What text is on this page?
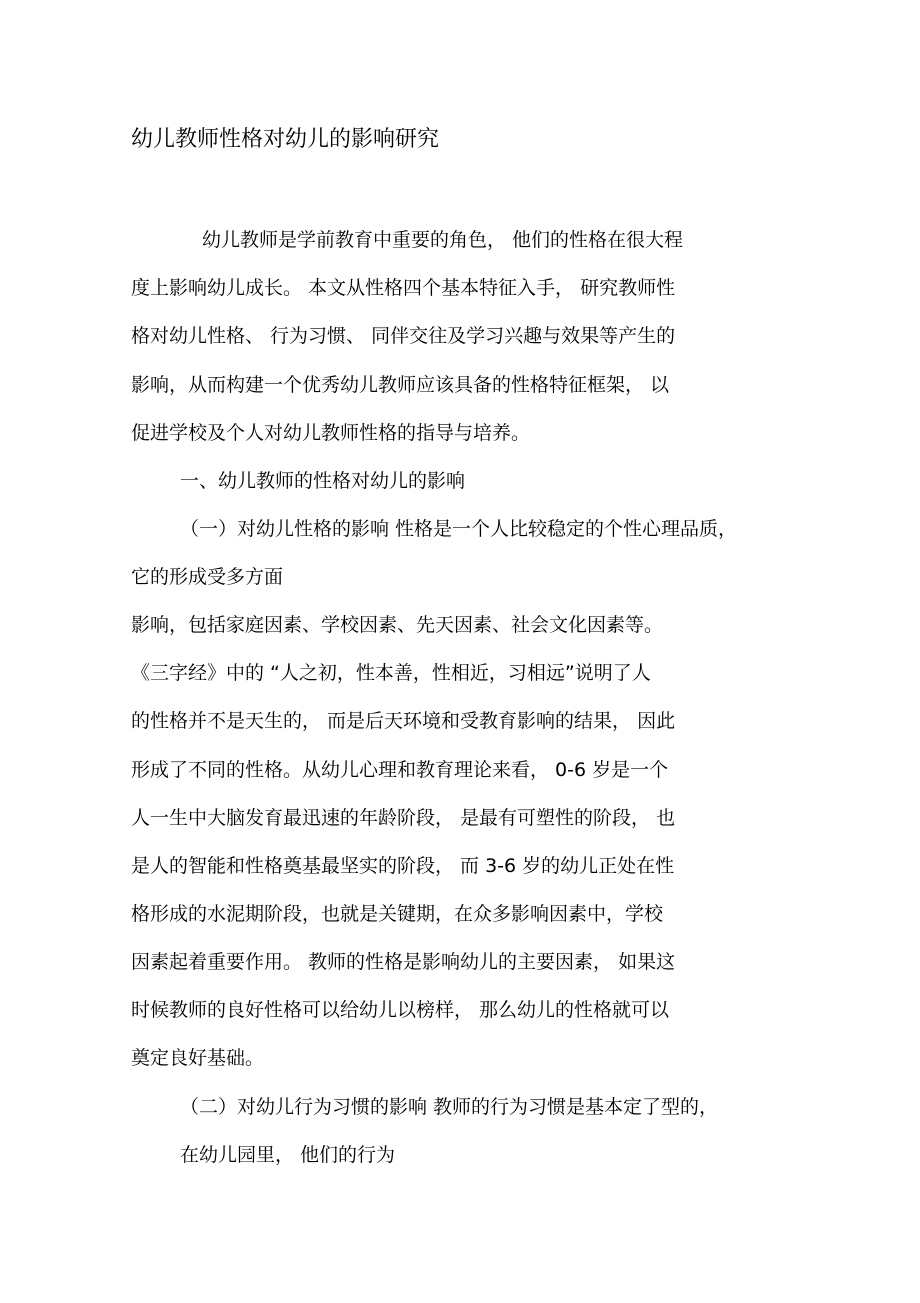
幼儿教师性格对幼儿的影响研究
幼儿教师是学前教育中重要的角色， 他们的性格在很大程
度上影响幼儿成长。 本文从性格四个基本特征入手， 研究教师性
格对幼儿性格、 行为习惯、 同伴交往及学习兴趣与效果等产生的
影响，从而构建一个优秀幼儿教师应该具备的性格特征框架， 以
促进学校及个人对幼儿教师性格的指导与培养。
一、幼儿教师的性格对幼儿的影响
（一）对幼儿性格的影响 性格是一个人比较稳定的个性心理品质，
它的形成受多方面
影响，包括家庭因素、学校因素、先天因素、社会文化因素等。
《三字经》中的 “人之初，性本善，性相近，习相远”说明了人
的性格并不是天生的， 而是后天环境和受教育影响的结果， 因此
形成了不同的性格。从幼儿心理和教育理论来看， 0-6 岁是一个
人一生中大脑发育最迅速的年龄阶段， 是最有可塑性的阶段， 也
是人的智能和性格奠基最坚实的阶段， 而 3-6 岁的幼儿正处在性
格形成的水泥期阶段，也就是关键期，在众多影响因素中，学校
因素起着重要作用。 教师的性格是影响幼儿的主要因素， 如果这
时候教师的良好性格可以给幼儿以榜样， 那么幼儿的性格就可以
奠定良好基础。
（二）对幼儿行为习惯的影响 教师的行为习惯是基本定了型的，
在幼儿园里， 他们的行为
